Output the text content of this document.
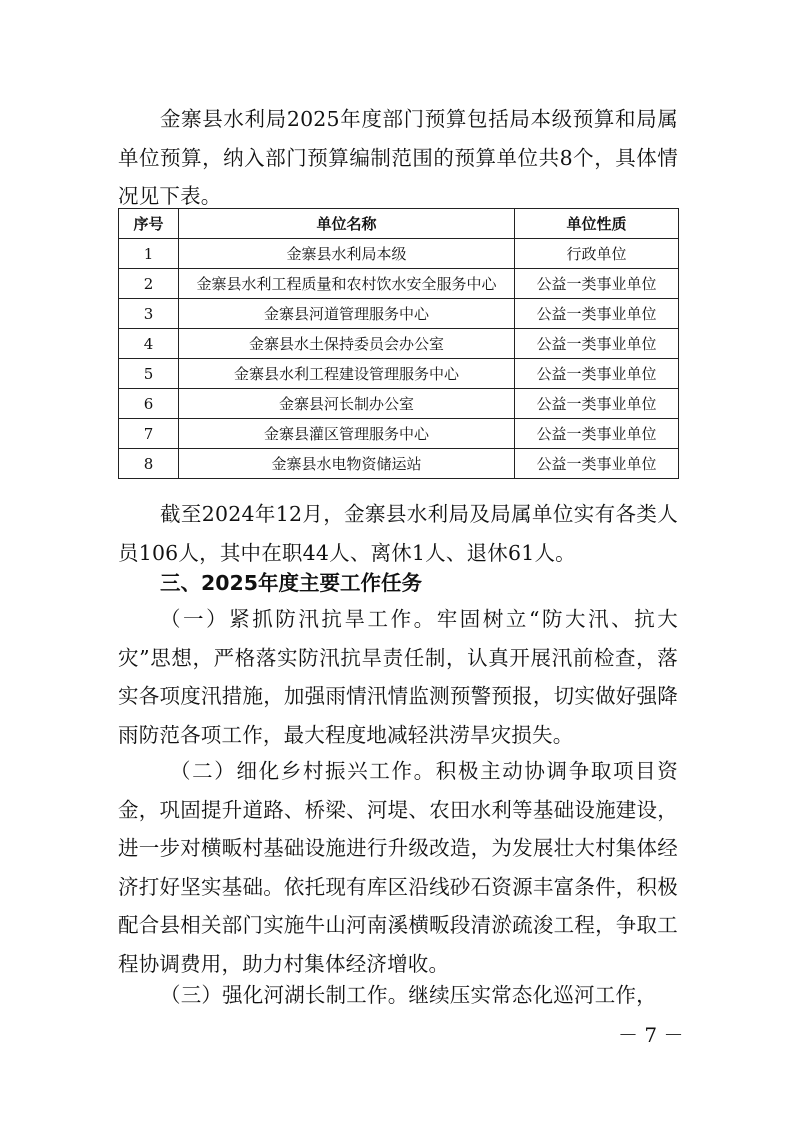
金寨县水利局2025年度部门预算包括局本级预算和局属单位预算，纳入部门预算编制范围的预算单位共8个，具体情况见下表。

序号	单位名称	单位性质
1	金寨县水利局本级	行政单位
2	金寨县水利工程质量和农村饮水安全服务中心	公益一类事业单位
3	金寨县河道管理服务中心	公益一类事业单位
4	金寨县水土保持委员会办公室	公益一类事业单位
5	金寨县水利工程建设管理服务中心	公益一类事业单位
6	金寨县河长制办公室	公益一类事业单位
7	金寨县灌区管理服务中心	公益一类事业单位
8	金寨县水电物资储运站	公益一类事业单位

截至2024年12月，金寨县水利局及局属单位实有各类人员106人，其中在职44人、离休1人、退休61人。

三、2025年度主要工作任务

（一）紧抓防汛抗旱工作。牢固树立“防大汛、抗大灾”思想，严格落实防汛抗旱责任制，认真开展汛前检查，落实各项度汛措施，加强雨情汛情监测预警预报，切实做好强降雨防范各项工作，最大程度地减轻洪涝旱灾损失。

（二）细化乡村振兴工作。积极主动协调争取项目资金，巩固提升道路、桥梁、河堤、农田水利等基础设施建设，进一步对横畈村基础设施进行升级改造，为发展壮大村集体经济打好坚实基础。依托现有库区沿线砂石资源丰富条件，积极配合县相关部门实施牛山河南溪横畈段清淤疏浚工程，争取工程协调费用，助力村集体经济增收。

（三）强化河湖长制工作。继续压实常态化巡河工作，

－ 7 －
